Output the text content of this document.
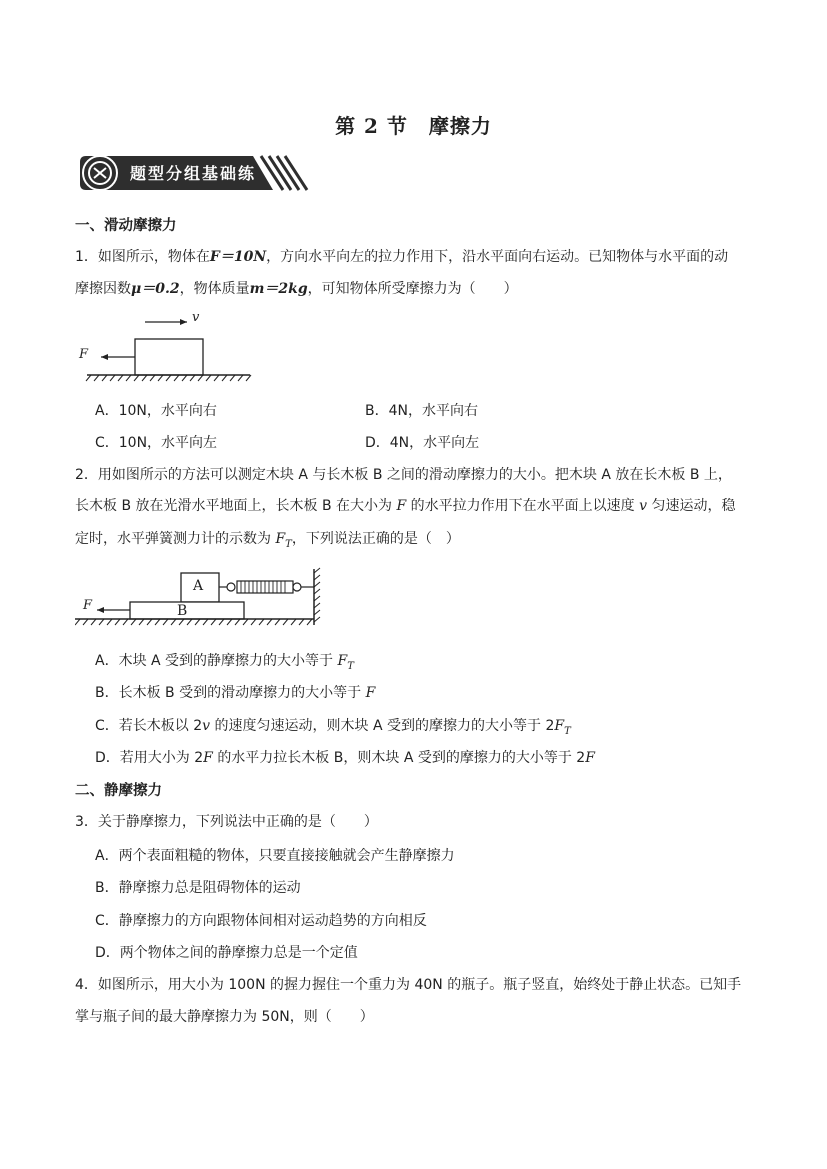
第 2 节　摩擦力
题型分组基础练
一、滑动摩擦力
1．如图所示，物体在F＝10N，方向水平向左的拉力作用下，沿水平面向右运动。已知物体与水平面的动
摩擦因数μ＝0.2，物体质量m＝2kg，可知物体所受摩擦力为（　　）
v
F
A．10N，水平向右	B．4N，水平向右
C．10N，水平向左	D．4N，水平向左
2．用如图所示的方法可以测定木块 A 与长木板 B 之间的滑动摩擦力的大小。把木块 A 放在长木板 B 上，
长木板 B 放在光滑水平地面上，长木板 B 在大小为 F 的水平拉力作用下在水平面上以速度 v 匀速运动，稳
定时，水平弹簧测力计的示数为 $F_T$，下列说法正确的是（　）
A
B
F
A．木块 A 受到的静摩擦力的大小等于 $F_T$
B．长木板 B 受到的滑动摩擦力的大小等于 F
C．若长木板以 2v 的速度匀速运动，则木块 A 受到的摩擦力的大小等于 $2F_T$
D．若用大小为 2F 的水平力拉长木板 B，则木块 A 受到的摩擦力的大小等于 2F
二、静摩擦力
3．关于静摩擦力，下列说法中正确的是（　　）
A．两个表面粗糙的物体，只要直接接触就会产生静摩擦力
B．静摩擦力总是阻碍物体的运动
C．静摩擦力的方向跟物体间相对运动趋势的方向相反
D．两个物体之间的静摩擦力总是一个定值
4．如图所示，用大小为 100N 的握力握住一个重力为 40N 的瓶子。瓶子竖直，始终处于静止状态。已知手
掌与瓶子间的最大静摩擦力为 50N，则（　　）
